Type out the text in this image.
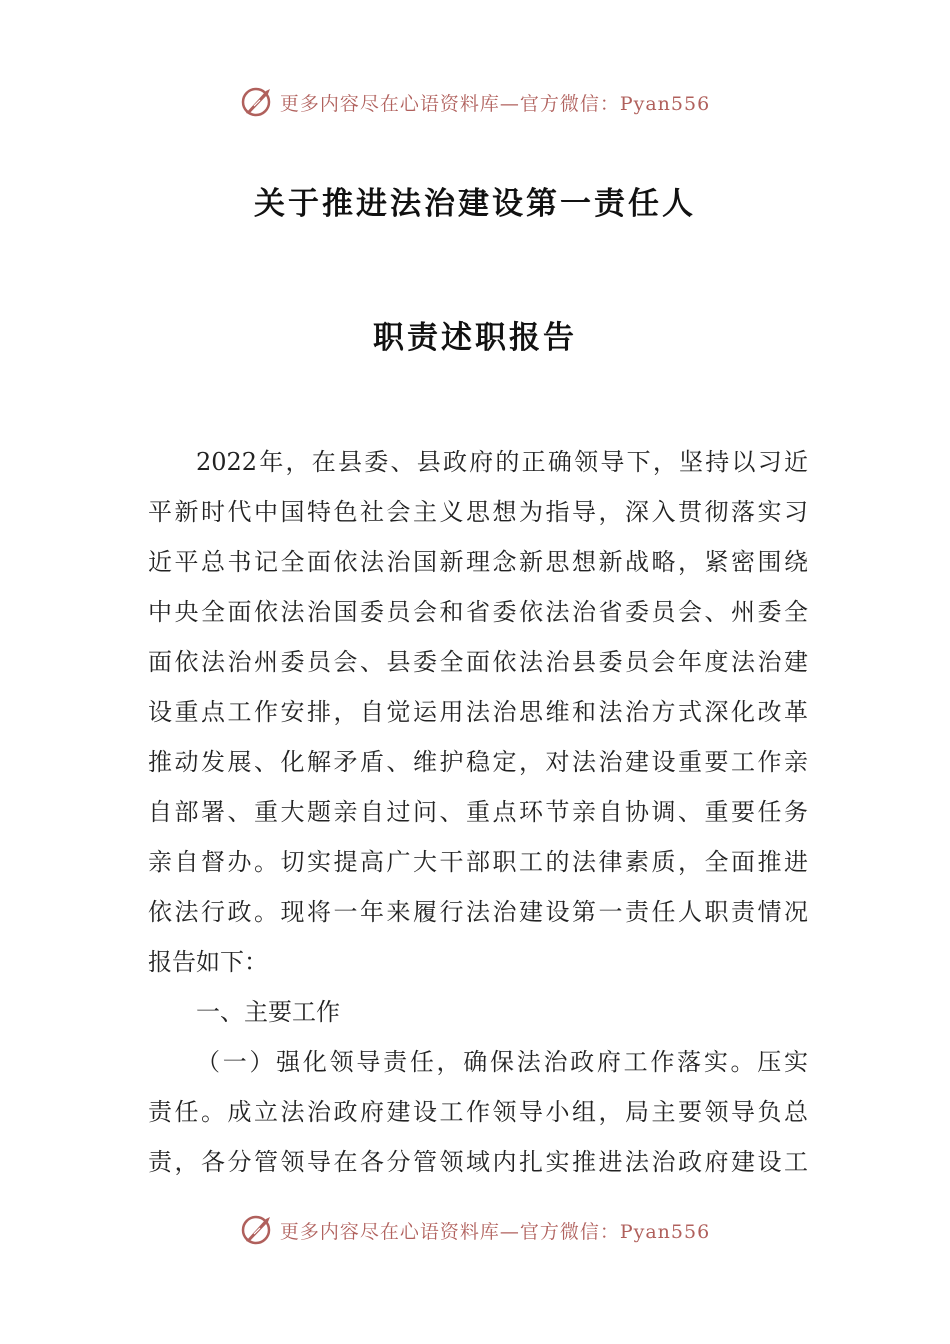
更多内容尽在心语资料库—官方微信：Pyan556
关于推进法治建设第一责任人
职责述职报告
2022年，在县委、县政府的正确领导下，坚持以习近
平新时代中国特色社会主义思想为指导，深入贯彻落实习
近平总书记全面依法治国新理念新思想新战略，紧密围绕
中央全面依法治国委员会和省委依法治省委员会、州委全
面依法治州委员会、县委全面依法治县委员会年度法治建
设重点工作安排，自觉运用法治思维和法治方式深化改革
推动发展、化解矛盾、维护稳定，对法治建设重要工作亲
自部署、重大题亲自过问、重点环节亲自协调、重要任务
亲自督办。切实提高广大干部职工的法律素质，全面推进
依法行政。现将一年来履行法治建设第一责任人职责情况
报告如下：
一、主要工作
（一）强化领导责任，确保法治政府工作落实。压实
责任。成立法治政府建设工作领导小组，局主要领导负总
责，各分管领导在各分管领域内扎实推进法治政府建设工
更多内容尽在心语资料库—官方微信：Pyan556
